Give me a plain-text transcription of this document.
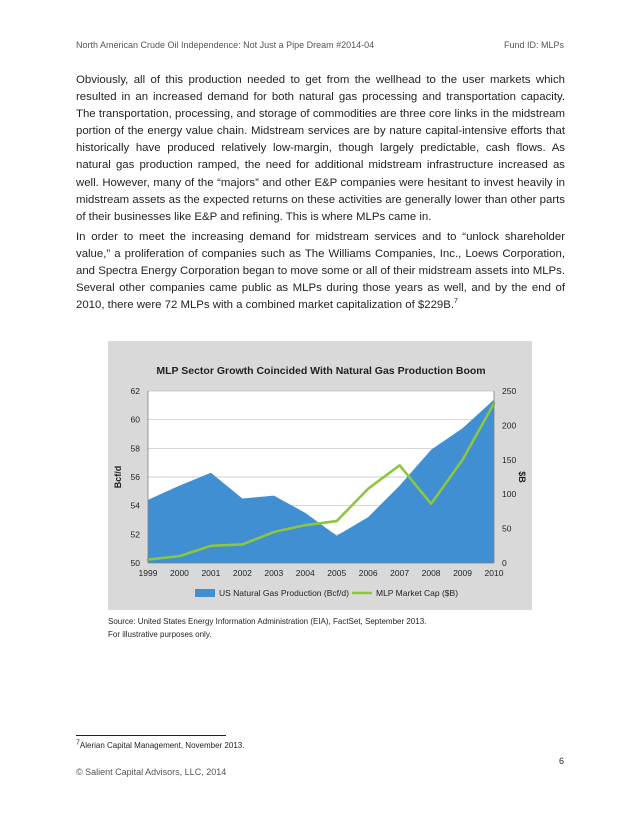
North American Crude Oil Independence: Not Just a Pipe Dream #2014-04	Fund ID: MLPs

Obviously, all of this production needed to get from the wellhead to the user markets which resulted in an increased demand for both natural gas processing and transportation capacity. The transportation, processing, and storage of commodities are three core links in the midstream portion of the energy value chain. Midstream services are by nature capital-intensive efforts that historically have produced relatively low-margin, though largely predictable, cash flows. As natural gas production ramped, the need for additional midstream infrastructure increased as well. However, many of the “majors” and other E&P companies were hesitant to invest heavily in midstream assets as the expected returns on these activities are generally lower than other parts of their businesses like E&P and refining. This is where MLPs came in.

In order to meet the increasing demand for midstream services and to “unlock shareholder value,” a proliferation of companies such as The Williams Companies, Inc., Loews Corporation, and Spectra Energy Corporation began to move some or all of their midstream assets into MLPs. Several other companies came public as MLPs during those years as well, and by the end of 2010, there were 72 MLPs with a combined market capitalization of $229B.$^7$

MLP Sector Growth Coincided With Natural Gas Production Boom
50
52
54
56
58
60
62
0
50
100
150
200
250
1999 2000 2001 2002 2003 2004 2005 2006 2007 2008 2009 2010
Bcf/d	$B
US Natural Gas Production (Bcf/d)	MLP Market Cap ($B)
Source: United States Energy Information Administration (EIA), FactSet, September 2013.
For illustrative purposes only.
7Alerian Capital Management, November 2013.
6
© Salient Capital Advisors, LLC, 2014
